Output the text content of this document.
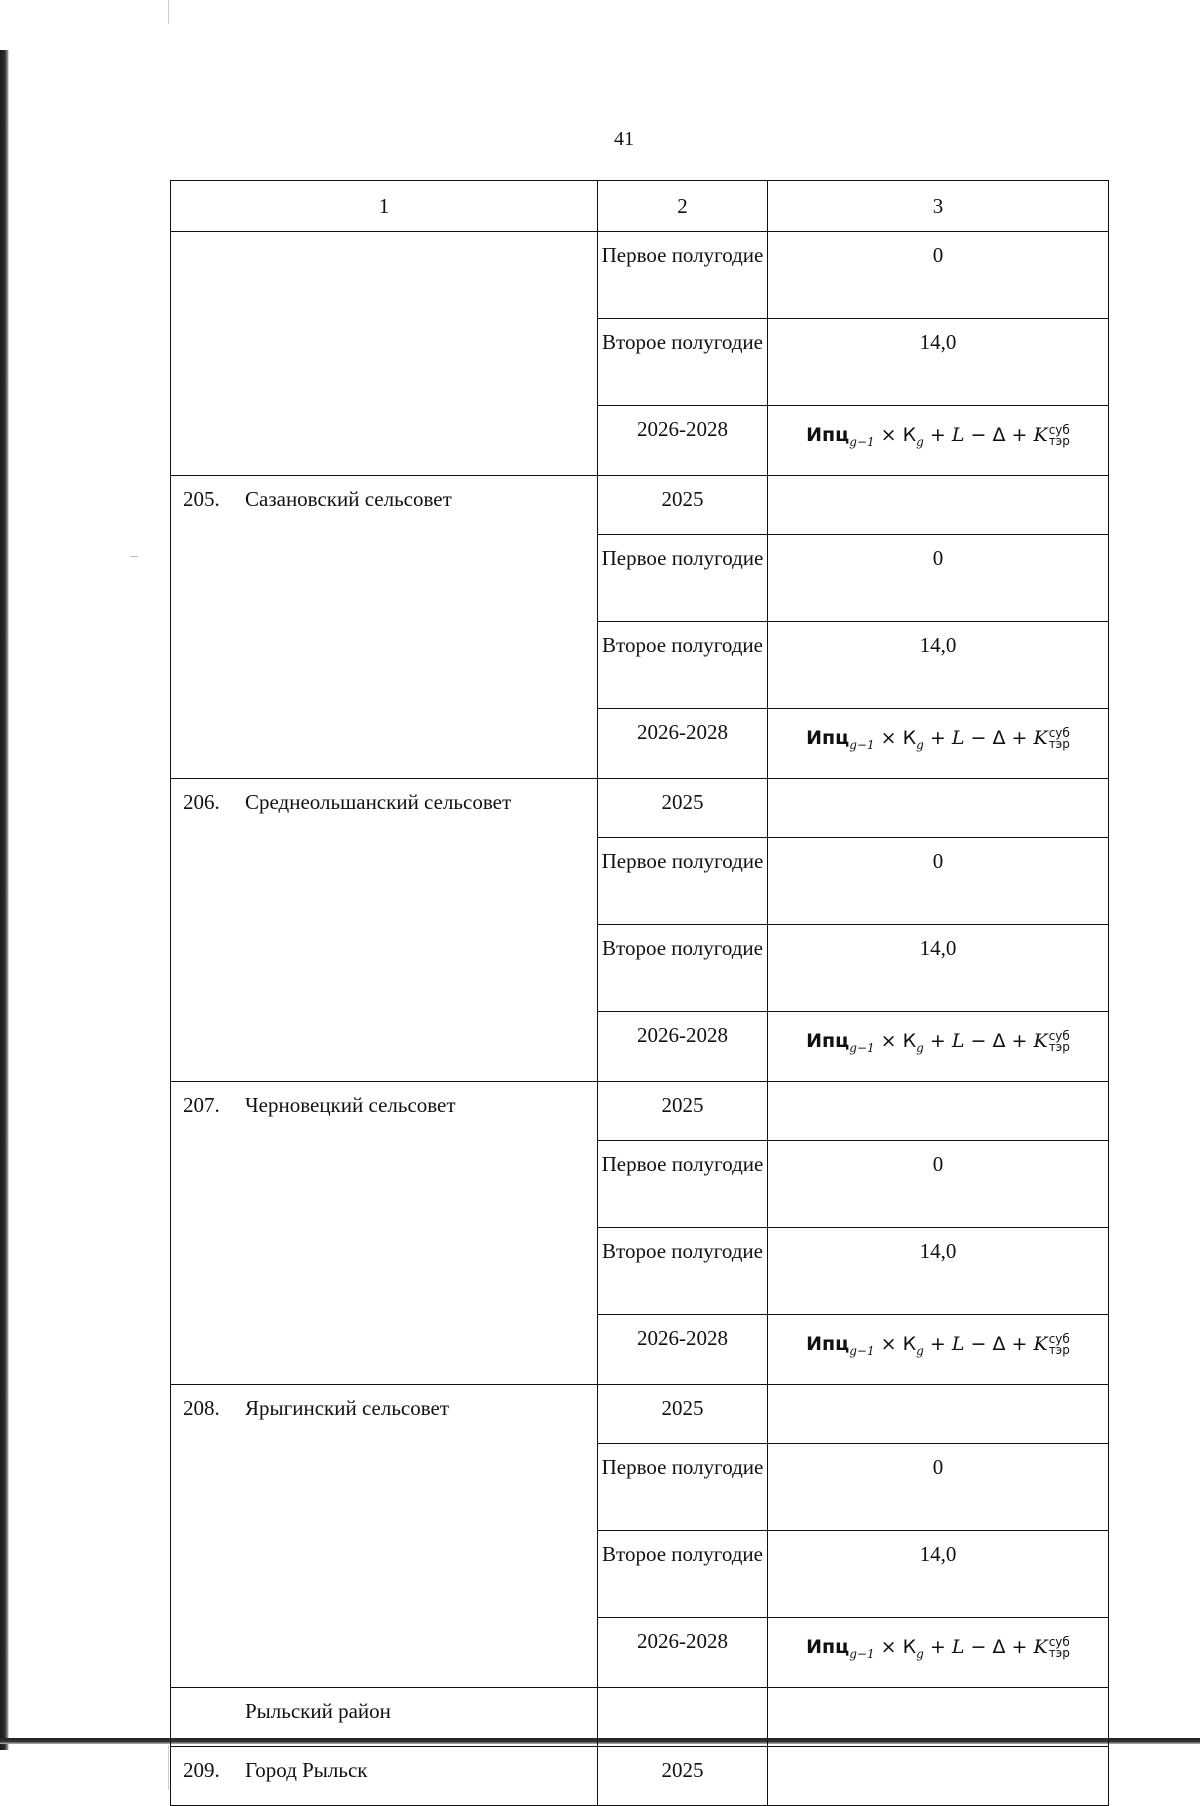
41
1	2	3
	Первое полугодие	0
	Второе полугодие	14,0
	2026-2028	$Ипц_{g-1} \times К_g + L - \Delta + K$ суб
тэр

205. Сазановский сельсовет	2025	
	Первое полугодие	0
	Второе полугодие	14,0
	2026-2028	$Ипц_{g-1} \times К_g + L - \Delta + K$ суб
тэр

206. Среднеольшанский сельсовет	2025	
	Первое полугодие	0
	Второе полугодие	14,0
	2026-2028	$Ипц_{g-1} \times К_g + L - \Delta + K$ суб
тэр

207. Черновецкий сельсовет	2025	
	Первое полугодие	0
	Второе полугодие	14,0
	2026-2028	$Ипц_{g-1} \times К_g + L - \Delta + K$ суб
тэр

208. Ярыгинский сельсовет	2025	
	Первое полугодие	0
	Второе полугодие	14,0
	2026-2028	$Ипц_{g-1} \times К_g + L - \Delta + K$ суб
тэр

Рыльский район		
209. Город Рыльск	2025	
